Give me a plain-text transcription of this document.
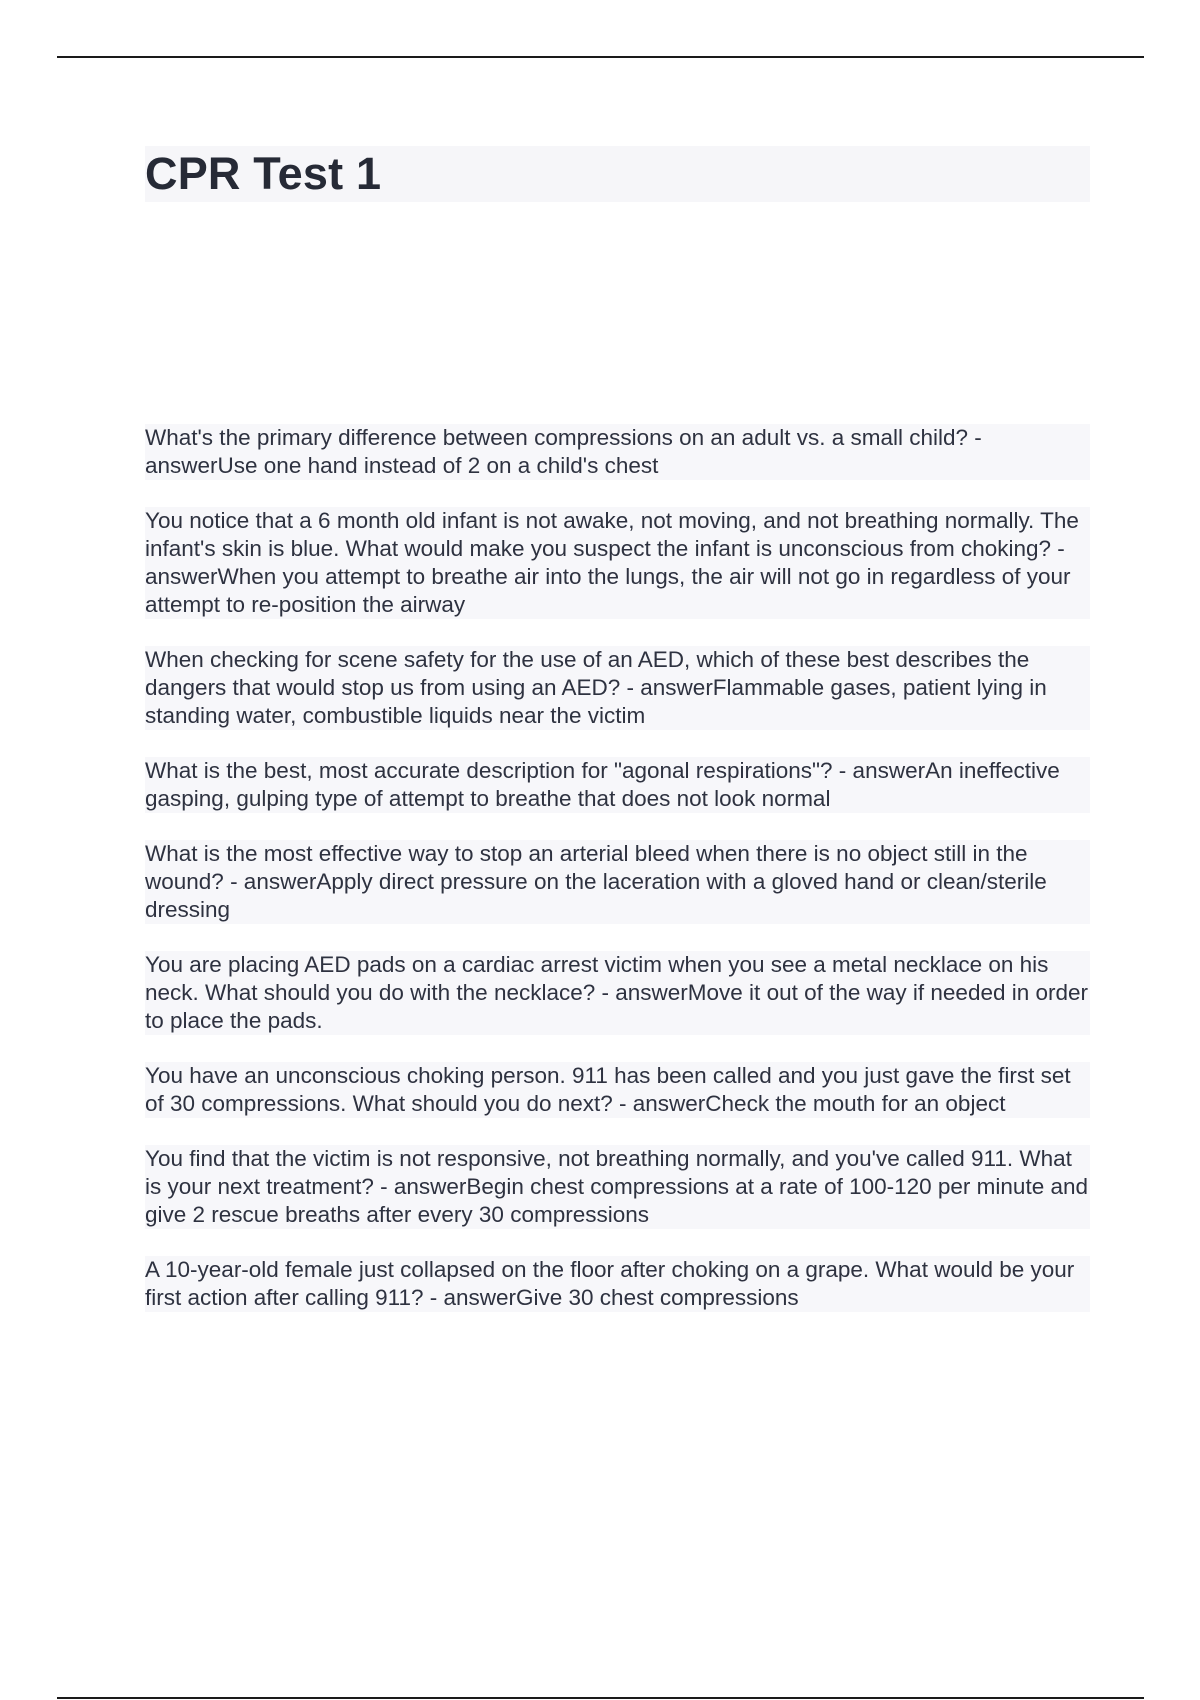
CPR Test 1
What's the primary difference between compressions on an adult vs. a small child? - answerUse one hand instead of 2 on a child's chest
You notice that a 6 month old infant is not awake, not moving, and not breathing normally. The infant's skin is blue. What would make you suspect the infant is unconscious from choking? - answerWhen you attempt to breathe air into the lungs, the air will not go in regardless of your attempt to re-position the airway
When checking for scene safety for the use of an AED, which of these best describes the dangers that would stop us from using an AED? - answerFlammable gases, patient lying in standing water, combustible liquids near the victim
What is the best, most accurate description for "agonal respirations"? - answerAn ineffective gasping, gulping type of attempt to breathe that does not look normal
What is the most effective way to stop an arterial bleed when there is no object still in the wound? - answerApply direct pressure on the laceration with a gloved hand or clean/sterile dressing
You are placing AED pads on a cardiac arrest victim when you see a metal necklace on his neck. What should you do with the necklace? - answerMove it out of the way if needed in order to place the pads.
You have an unconscious choking person. 911 has been called and you just gave the first set of 30 compressions. What should you do next? - answerCheck the mouth for an object
You find that the victim is not responsive, not breathing normally, and you've called 911. What is your next treatment? - answerBegin chest compressions at a rate of 100-120 per minute and give 2 rescue breaths after every 30 compressions
A 10-year-old female just collapsed on the floor after choking on a grape. What would be your first action after calling 911? - answerGive 30 chest compressions
